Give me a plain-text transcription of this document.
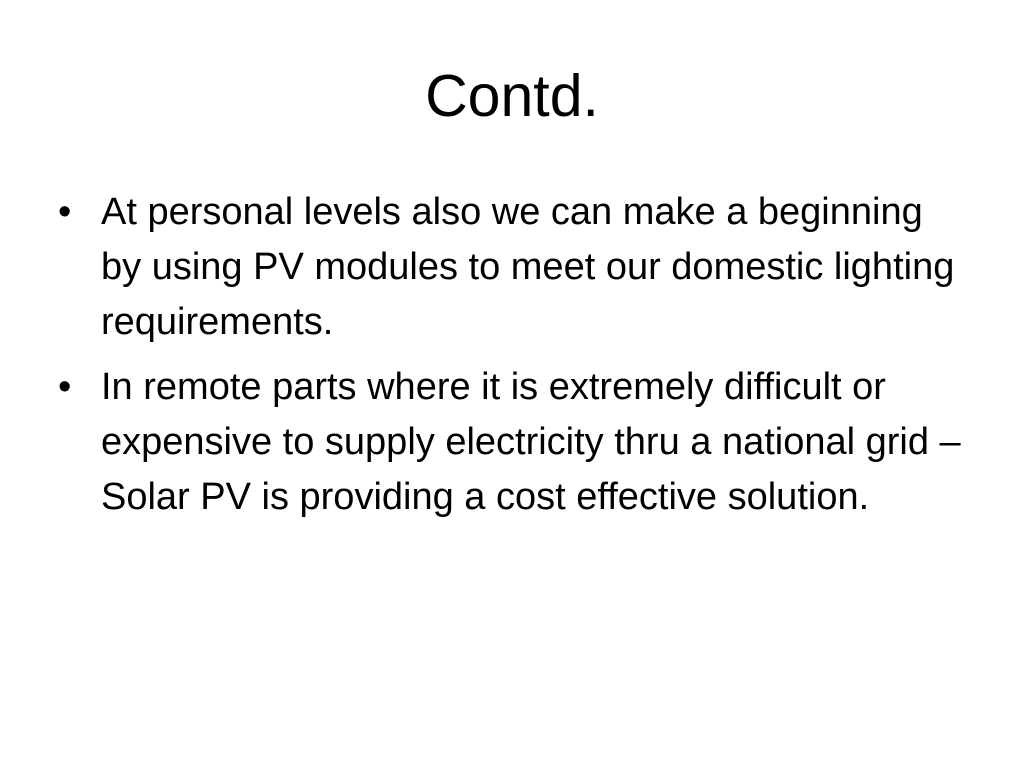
Contd.
• At personal levels also we can make a beginning by using PV modules to meet our domestic lighting requirements.
• In remote parts where it is extremely difficult or expensive to supply electricity thru a national grid – Solar PV is providing a cost effective solution.
